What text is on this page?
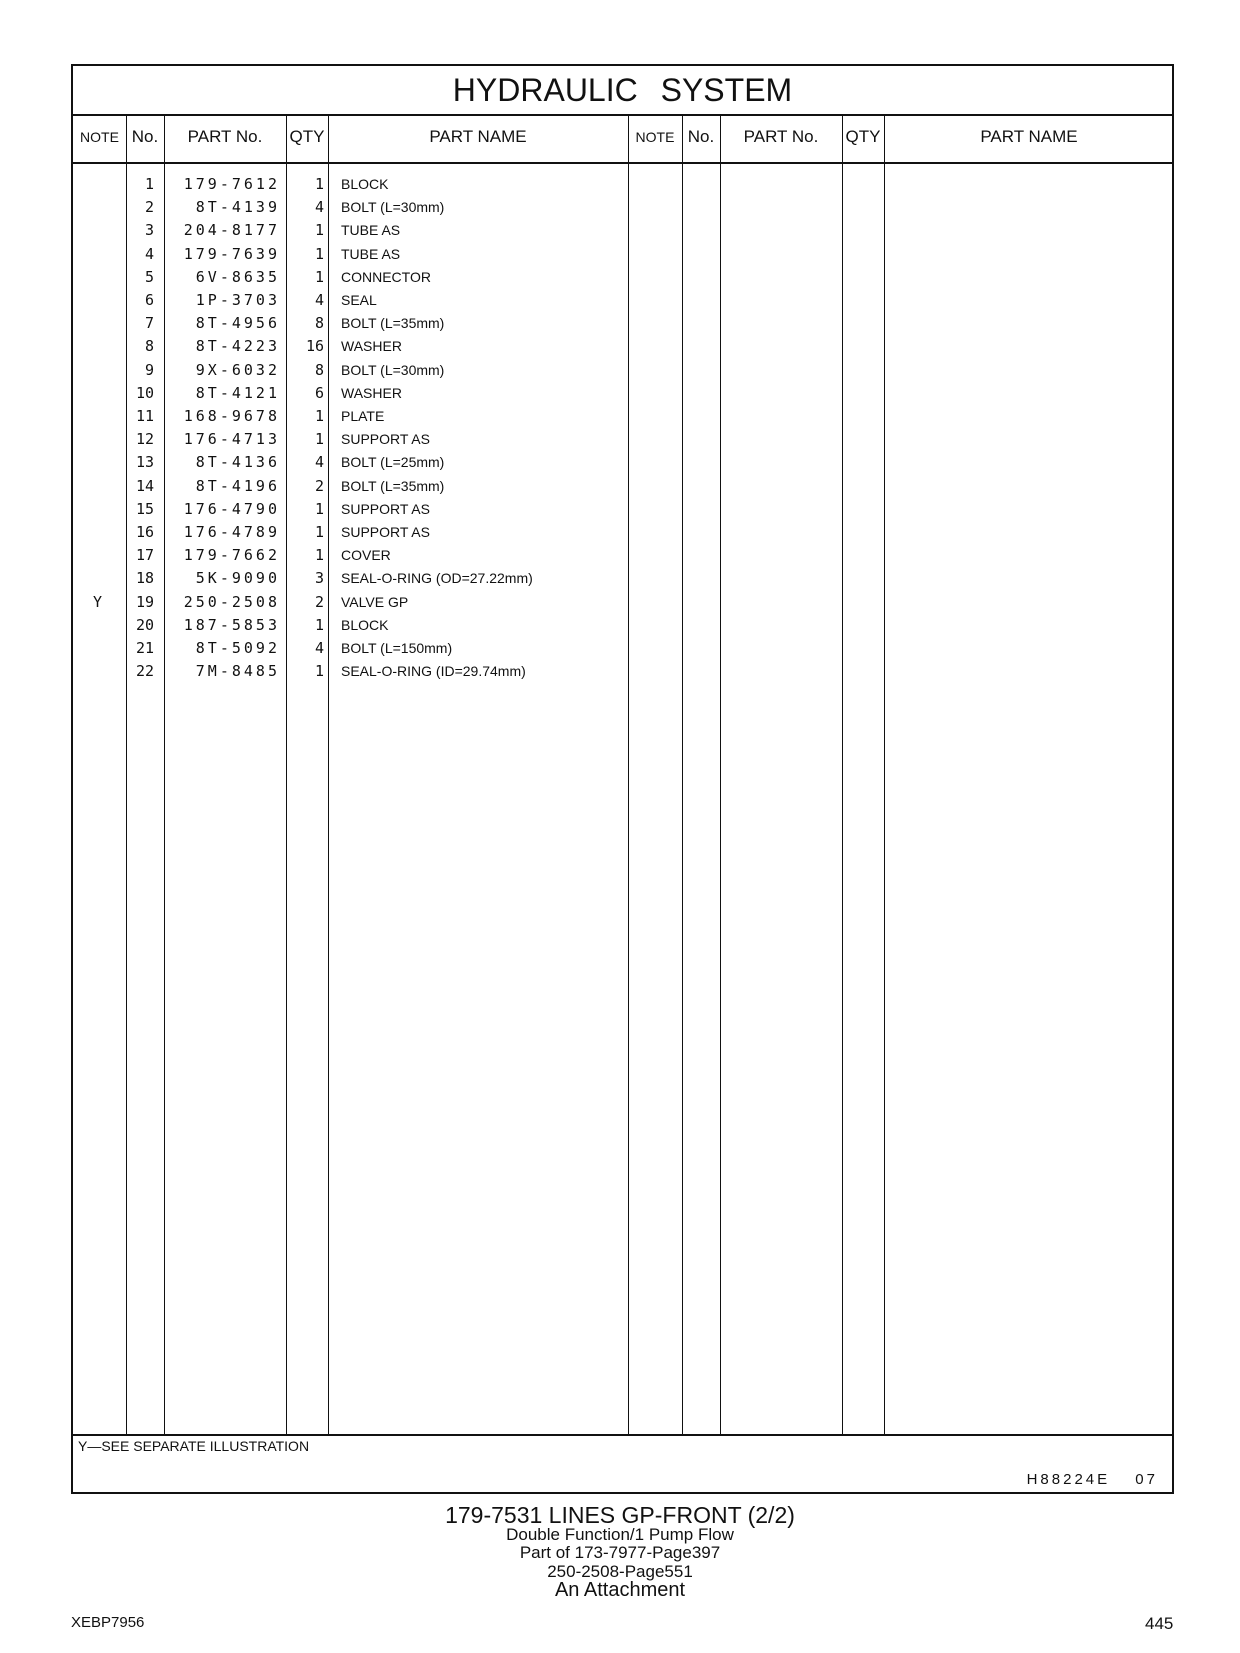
HYDRAULIC SYSTEM
NOTE No.	PART No.	QTY	PART NAME	NOTE No.	PART No.	QTY	PART NAME
1	179-7612	1 BLOCK
2	8T-4139	4 BOLT (L=30mm)
3	204-8177	1 TUBE AS
4	179-7639	1 TUBE AS
5	6V-8635	1 CONNECTOR
6	1P-3703	4 SEAL
7	8T-4956	8 BOLT (L=35mm)
8	8T-4223	16 WASHER
9	9X-6032	8 BOLT (L=30mm)
10	8T-4121	6 WASHER
11	168-9678	1 PLATE
12	176-4713	1 SUPPORT AS
13	8T-4136	4 BOLT (L=25mm)
14	8T-4196	2 BOLT (L=35mm)
15	176-4790	1 SUPPORT AS
16	176-4789	1 SUPPORT AS
17	179-7662	1 COVER
18	5K-9090	3 SEAL-O-RING (OD=27.22mm)
Y	19	250-2508	2 VALVE GP
20	187-5853	1 BLOCK
21	8T-5092	4 BOLT (L=150mm)
22	7M-8485	1 SEAL-O-RING (ID=29.74mm)
Y—SEE SEPARATE ILLUSTRATION
H88224E 07
179-7531 LINES GP-FRONT (2/2)
Double Function/1 Pump Flow
Part of 173-7977-Page397
250-2508-Page551
An Attachment
XEBP7956	445
